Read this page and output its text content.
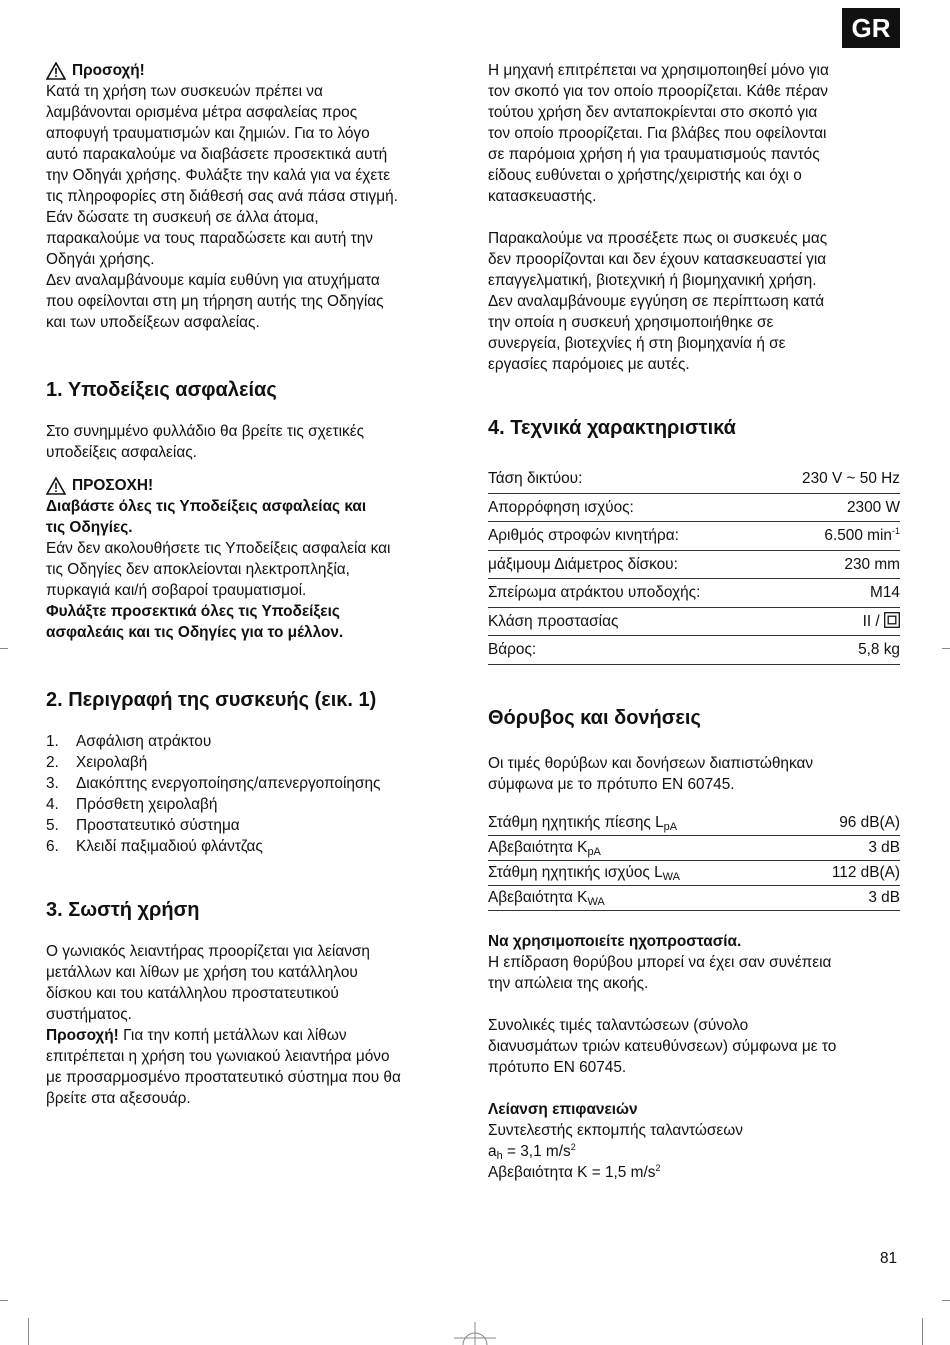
GR
Προσοχή!

Κατά τη χρήση των συσκευών πρέπει να

λαμβάνονται ορισμένα μέτρα ασφαλείας προς

αποφυγή τραυματισμών και ζημιών. Για το λόγο

αυτό παρακαλούμε να διαβάσετε προσεκτικά αυτή

την Οδηγάι χρήσης. Φυλάξτε την καλά για να έχετε

τις πληροφορίες στη διάθεσή σας ανά πάσα στιγμή.

Εάν δώσατε τη συσκευή σε άλλα άτομα,

παρακαλούμε να τους παραδώσετε και αυτή την

Οδηγάι χρήσης.

Δεν αναλαμβάνουμε καμία ευθύνη για ατυχήματα

που οφείλονται στη μη τήρηση αυτής της Οδηγίας

και των υποδείξεων ασφαλείας.

1. Υποδείξεις ασφαλείας

Στο συνημμένο φυλλάδιο θα βρείτε τις σχετικές

υποδείξεις ασφαλείας.

ΠΡΟΣΟΧΗ!

Διαβάστε όλες τις Υποδείξεις ασφαλείας και

τις Οδηγίες.

Εάν δεν ακολουθήσετε τις Υποδείξεις ασφαλεία και

τις Οδηγίες δεν αποκλείονται ηλεκτροπληξία,

πυρκαγιά και/ή σοβαροί τραυματισμοί.

Φυλάξτε προσεκτικά όλες τις Υποδείξεις

ασφαλεάις και τις Οδηγίες για το μέλλον.

2. Περιγραφή της συσκευής (εικ. 1)
1.	Ασφάλιση ατράκτου
2.	Χειρολαβή
3.	Διακόπτης ενεργοποίησης/απενεργοποίησης
4.	Πρόσθετη χειρολαβή
5.	Προστατευτικό σύστημα
6.	Κλειδί παξιμαδιού φλάντζας
3. Σωστή χρήση

Ο γωνιακός λειαντήρας προορίζεται για λείανση

μετάλλων και λίθων με χρήση του κατάλληλου

δίσκου και του κατάλληλου προστατευτικού

συστήματος.

Προσοχή! Για την κοπή μετάλλων και λίθων

επιτρέπεται η χρήση του γωνιακού λειαντήρα μόνο

με προσαρμοσμένο προστατευτικό σύστημα που θα

βρείτε στα αξεσουάρ.

Η μηχανή επιτρέπεται να χρησιμοποιηθεί μόνο για

τον σκοπό για τον οποίο προορίζεται. Κάθε πέραν

τούτου χρήση δεν ανταποκρίενται στο σκοπό για

τον οποίο προορίζεται. Για βλάβες που οφείλονται

σε παρόμοια χρήση ή για τραυματισμούς παντός

είδους ευθύνεται ο χρήστης/χειριστής και όχι ο

κατασκευαστής.

Παρακαλούμε να προσέξετε πως οι συσκευές μας

δεν προορίζονται και δεν έχουν κατασκευαστεί για

επαγγελματική, βιοτεχνική ή βιομηχανική χρήση.

Δεν αναλαμβάνουμε εγγύηση σε περίπτωση κατά

την οποία η συσκευή χρησιμοποιήθηκε σε

συνεργεία, βιοτεχνίες ή στη βιομηχανία ή σε

εργασίες παρόμοιες με αυτές.

4. Τεχνικά χαρακτηριστικά
Τάση δικτύου:	230 V ~ 50 Hz
Απορρόφηση ισχύος:	2300 W
Αριθμός στροφών κινητήρα:	6.500 $\min^{-1}$
μάξιμουμ Διάμετρος δίσκου:	230 mm
Σπείρωμα ατράκτου υποδοχής:	M14
Κλάση προστασίας	II /
Βάρος:	5,8 kg
Θόρυβος και δονήσεις

Οι τιμές θορύβων και δονήσεων διαπιστώθηκαν

σύμφωνα με το πρότυπο EN 60745.

Στάθμη ηχητικής πίεσης $L_{pA}$	96 dB(A)
Αβεβαιότητα $K_{pA}$	3 dB
Στάθμη ηχητικής ισχύος $L_{WA}$	112 dB(A)
Αβεβαιότητα $K_{WA}$	3 dB

Να χρησιμοποιείτε ηχοπροστασία.

Η επίδραση θορύβου μπορεί να έχει σαν συνέπεια

την απώλεια της ακοής.

Συνολικές τιμές ταλαντώσεων (σύνολο

διανυσμάτων τριών κατευθύνσεων) σύμφωνα με το

πρότυπο EN 60745.

Λείανση επιφανειών

Συντελεστής εκπομπής ταλαντώσεων

$a_h = 3,1$ $m/s^2$

Αβεβαιότητα K = 1,5 $m/s^2$

81
